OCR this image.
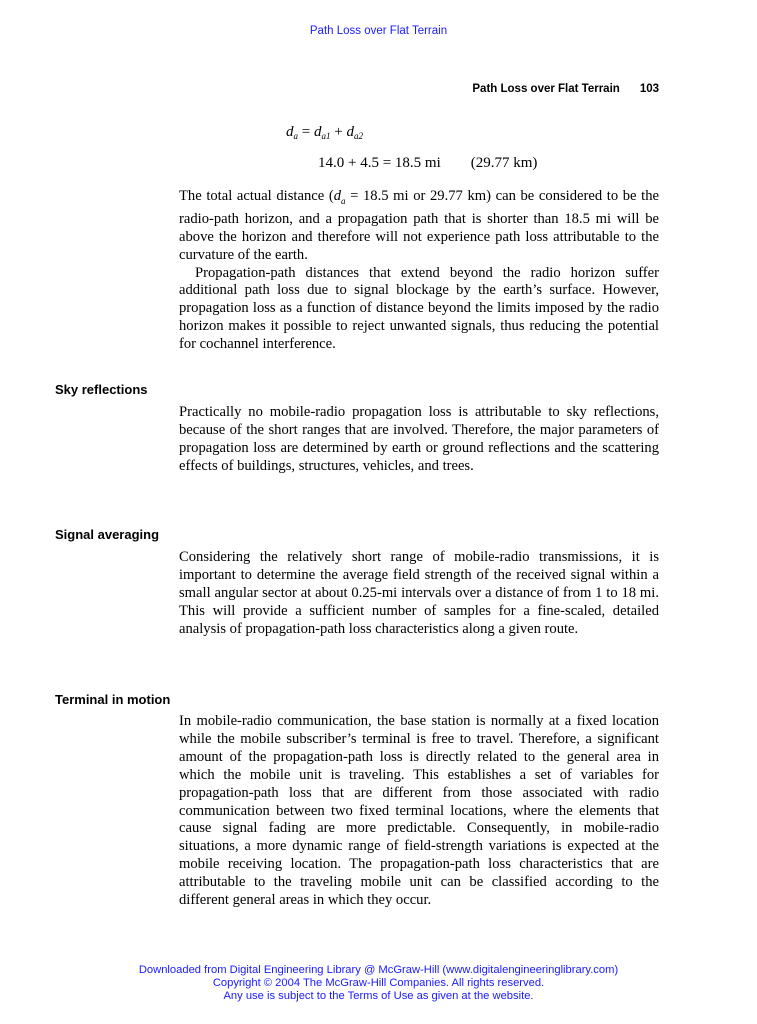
Path Loss over Flat Terrain
Path Loss over Flat Terrain 103
$d_a = d_{a1} + d_{a2}$
14.0 + 4.5 = 18.5 mi (29.77 km)

The total actual distance ($d_a = 18.5$ mi or 29.77 km) can be considered to be the radio-path horizon, and a propagation path that is shorter than 18.5 mi will be above the horizon and therefore will not experience path loss attributable to the curvature of the earth.

Propagation-path distances that extend beyond the radio horizon suffer additional path loss due to signal blockage by the earth’s surface. However, propagation loss as a function of distance beyond the limits imposed by the radio horizon makes it possible to reject unwanted signals, thus reducing the potential for cochannel interference.

Sky reflections

Practically no mobile-radio propagation loss is attributable to sky reflections, because of the short ranges that are involved. Therefore, the major parameters of propagation loss are determined by earth or ground reflections and the scattering effects of buildings, structures, vehicles, and trees.

Signal averaging

Considering the relatively short range of mobile-radio transmissions, it is important to determine the average field strength of the received signal within a small angular sector at about 0.25-mi intervals over a distance of from 1 to 18 mi. This will provide a sufficient number of samples for a fine-scaled, detailed analysis of propagation-path loss characteristics along a given route.

Terminal in motion

In mobile-radio communication, the base station is normally at a fixed location while the mobile subscriber’s terminal is free to travel. Therefore, a significant amount of the propagation-path loss is directly related to the general area in which the mobile unit is traveling. This establishes a set of variables for propagation-path loss that are different from those associated with radio communication between two fixed terminal locations, where the elements that cause signal fading are more predictable. Consequently, in mobile-radio situations, a more dynamic range of field-strength variations is expected at the mobile receiving location. The propagation-path loss characteristics that are attributable to the traveling mobile unit can be classified according to the different general areas in which they occur.

Downloaded from Digital Engineering Library @ McGraw-Hill (www.digitalengineeringlibrary.com)
Copyright © 2004 The McGraw-Hill Companies. All rights reserved.
Any use is subject to the Terms of Use as given at the website.
